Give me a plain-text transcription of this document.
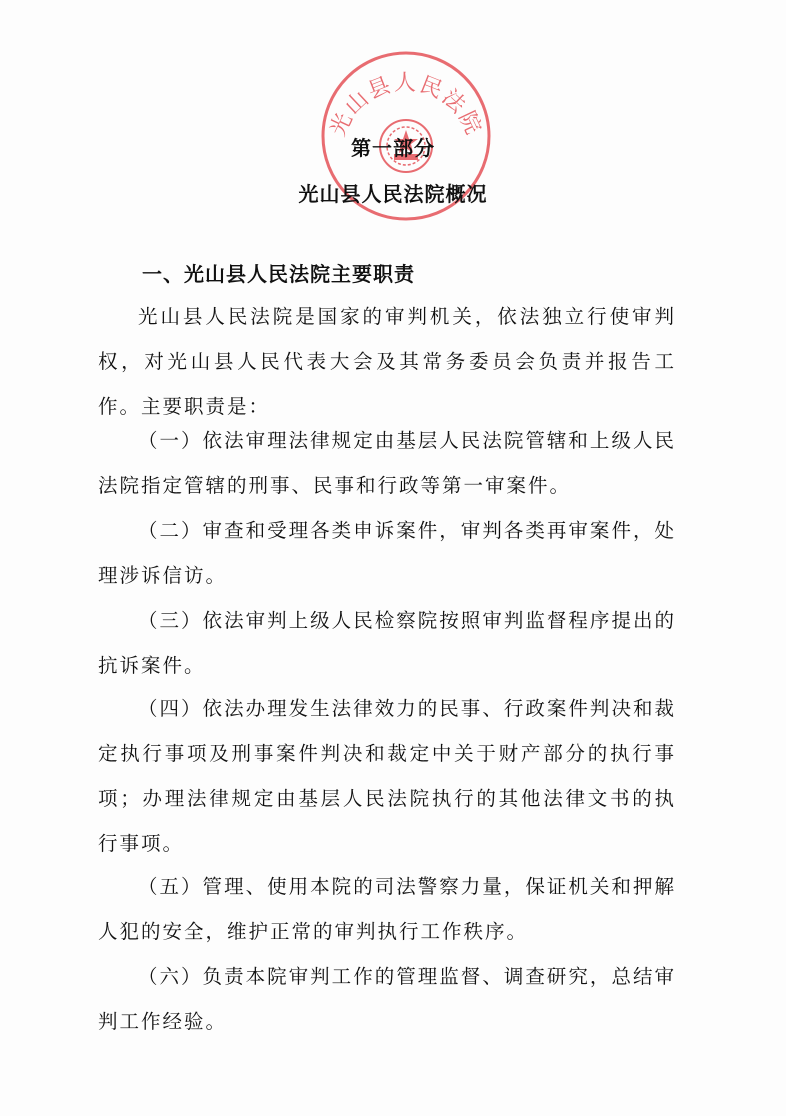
光山县人民法院
第一部分
光山县人民法院概况
一、光山县人民法院主要职责
光山县人民法院是国家的审判机关，依法独立行使审判权，对光山县人民代表大会及其常务委员会负责并报告工作。主要职责是：
（一）依法审理法律规定由基层人民法院管辖和上级人民法院指定管辖的刑事、民事和行政等第一审案件。
（二）审查和受理各类申诉案件，审判各类再审案件，处理涉诉信访。
（三）依法审判上级人民检察院按照审判监督程序提出的抗诉案件。
（四）依法办理发生法律效力的民事、行政案件判决和裁定执行事项及刑事案件判决和裁定中关于财产部分的执行事项；办理法律规定由基层人民法院执行的其他法律文书的执行事项。
（五）管理、使用本院的司法警察力量，保证机关和押解人犯的安全，维护正常的审判执行工作秩序。
（六）负责本院审判工作的管理监督、调查研究，总结审判工作经验。
